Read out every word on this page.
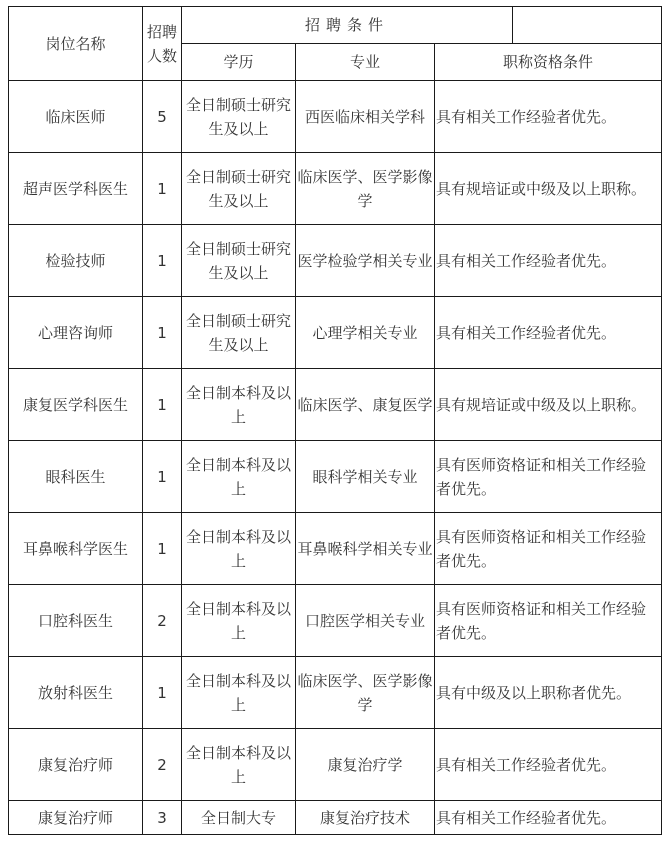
岗位名称	招聘人数	招聘条件			
		学历	专业	职称资格条件	
临床医师	5	全日制硕士研究生及以上	西医临床相关学科	具有相关工作经验者优先。	
超声医学科医生	1	全日制硕士研究生及以上	临床医学、医学影像学	具有规培证或中级及以上职称。	
检验技师	1	全日制硕士研究生及以上	医学检验学相关专业	具有相关工作经验者优先。	
心理咨询师	1	全日制硕士研究生及以上	心理学相关专业	具有相关工作经验者优先。	
康复医学科医生	1	全日制本科及以上	临床医学、康复医学	具有规培证或中级及以上职称。	
眼科医生	1	全日制本科及以上	眼科学相关专业	具有医师资格证和相关工作经验者优先。	
耳鼻喉科学医生	1	全日制本科及以上	耳鼻喉科学相关专业	具有医师资格证和相关工作经验者优先。	
口腔科医生	2	全日制本科及以上	口腔医学相关专业	具有医师资格证和相关工作经验者优先。	
放射科医生	1	全日制本科及以上	临床医学、医学影像学	具有中级及以上职称者优先。	
康复治疗师	2	全日制本科及以上	康复治疗学	具有相关工作经验者优先。	
康复治疗师	3	全日制大专	康复治疗技术	具有相关工作经验者优先。	
